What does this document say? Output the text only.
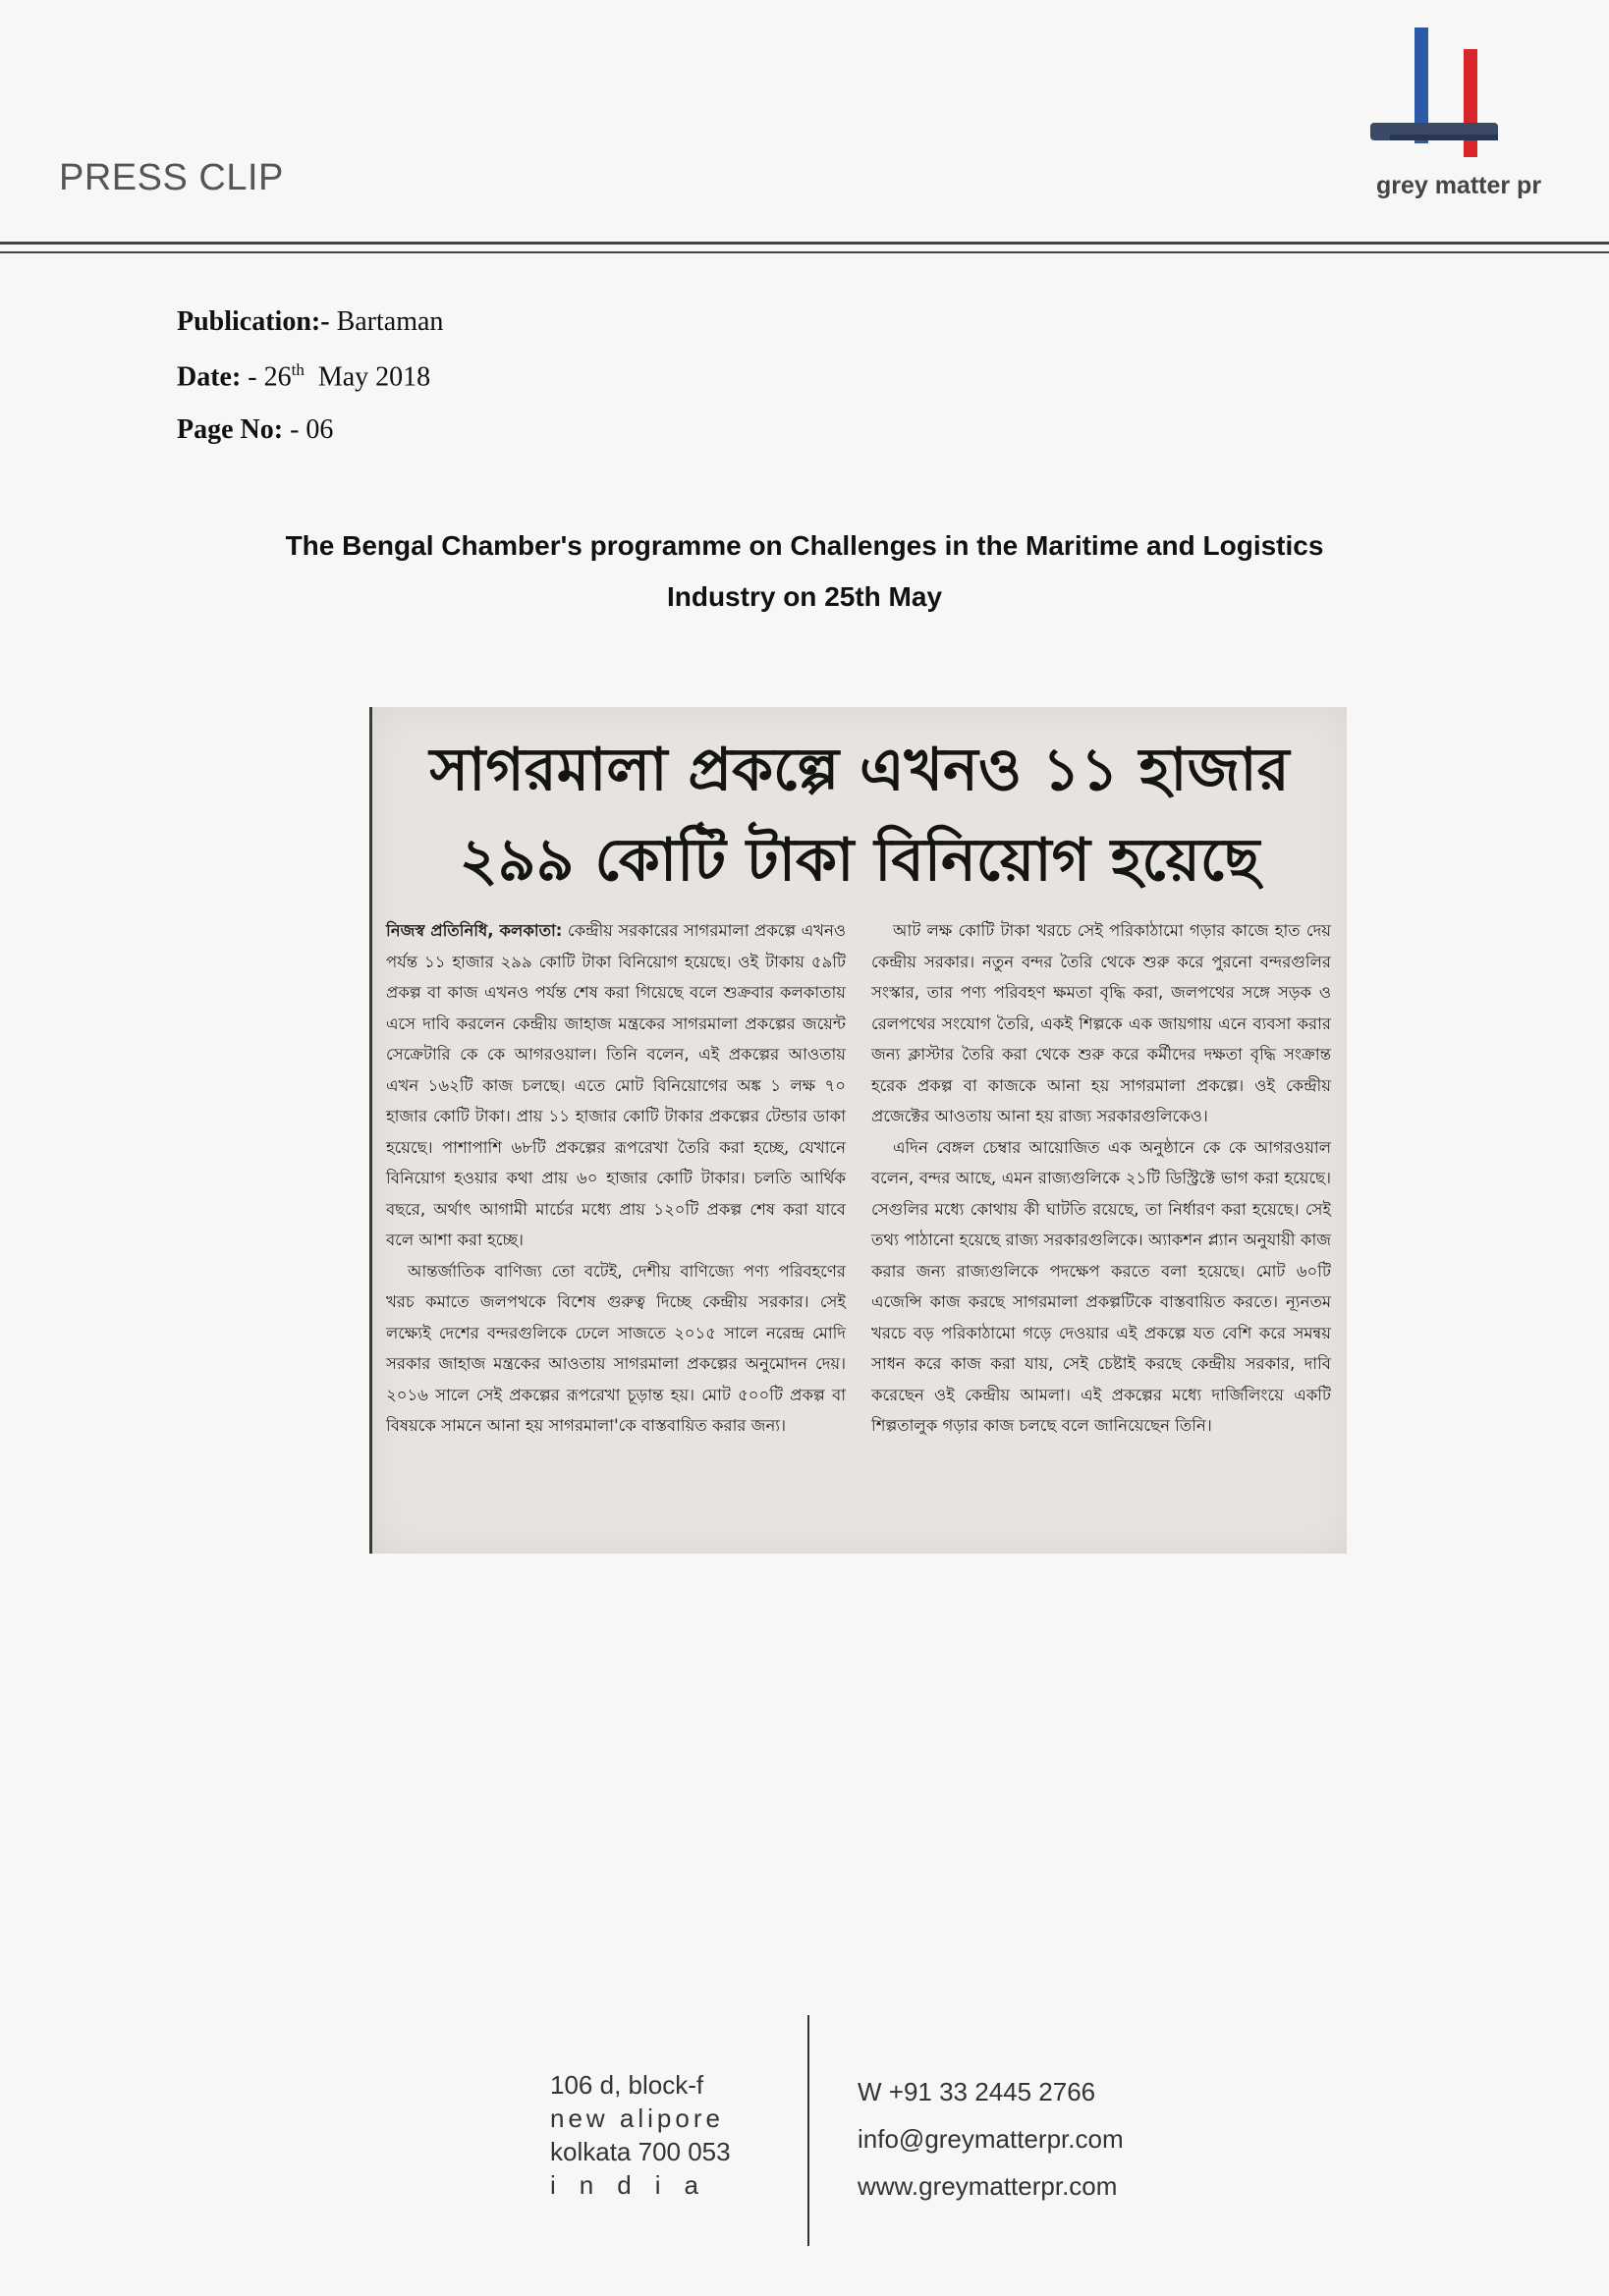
PRESS CLIP	grey matter pr
Publication:- Bartaman
Date: - 26th May 2018
Page No: - 06
The Bengal Chamber's programme on Challenges in the Maritime and Logistics
Industry on 25th May
সাগরমালা প্রকল্পে এখনও ১১ হাজার
২৯৯ কোটি টাকা বিনিয়োগ হয়েছে

নিজস্ব প্রতিনিধি, কলকাতা: কেন্দ্রীয় সরকারের সাগরমালা প্রকল্পে এখনও পর্যন্ত ১১ হাজার ২৯৯ কোটি টাকা বিনিয়োগ হয়েছে। ওই টাকায় ৫৯টি প্রকল্প বা কাজ এখনও পর্যন্ত শেষ করা গিয়েছে বলে শুক্রবার কলকাতায় এসে দাবি করলেন কেন্দ্রীয় জাহাজ মন্ত্রকের সাগরমালা প্রকল্পের জয়েন্ট সেক্রেটারি কে কে আগরওয়াল। তিনি বলেন, এই প্রকল্পের আওতায় এখন ১৬২টি কাজ চলছে। এতে মোট বিনিয়োগের অঙ্ক ১ লক্ষ ৭০ হাজার কোটি টাকা। প্রায় ১১ হাজার কোটি টাকার প্রকল্পের টেন্ডার ডাকা হয়েছে। পাশাপাশি ৬৮টি প্রকল্পের রূপরেখা তৈরি করা হচ্ছে, যেখানে বিনিয়োগ হওয়ার কথা প্রায় ৬০ হাজার কোটি টাকার। চলতি আর্থিক বছরে, অর্থাৎ আগামী মার্চের মধ্যে প্রায় ১২০টি প্রকল্প শেষ করা যাবে বলে আশা করা হচ্ছে।

আন্তর্জাতিক বাণিজ্য তো বটেই, দেশীয় বাণিজ্যে পণ্য পরিবহণের খরচ কমাতে জলপথকে বিশেষ গুরুত্ব দিচ্ছে কেন্দ্রীয় সরকার। সেই লক্ষ্যেই দেশের বন্দরগুলিকে ঢেলে সাজতে ২০১৫ সালে নরেন্দ্র মোদি সরকার জাহাজ মন্ত্রকের আওতায় সাগরমালা প্রকল্পের অনুমোদন দেয়। ২০১৬ সালে সেই প্রকল্পের রূপরেখা চূড়ান্ত হয়। মোট ৫০০টি প্রকল্প বা বিষয়কে সামনে আনা হয় সাগরমালা'কে বাস্তবায়িত করার জন্য।

আট লক্ষ কোটি টাকা খরচে সেই পরিকাঠামো গড়ার কাজে হাত দেয় কেন্দ্রীয় সরকার। নতুন বন্দর তৈরি থেকে শুরু করে পুরনো বন্দরগুলির সংস্কার, তার পণ্য পরিবহণ ক্ষমতা বৃদ্ধি করা, জলপথের সঙ্গে সড়ক ও রেলপথের সংযোগ তৈরি, একই শিল্পকে এক জায়গায় এনে ব্যবসা করার জন্য ক্লাস্টার তৈরি করা থেকে শুরু করে কর্মীদের দক্ষতা বৃদ্ধি সংক্রান্ত হরেক প্রকল্প বা কাজকে আনা হয় সাগরমালা প্রকল্পে। ওই কেন্দ্রীয় প্রজেক্টের আওতায় আনা হয় রাজ্য সরকারগুলিকেও।

এদিন বেঙ্গল চেম্বার আয়োজিত এক অনুষ্ঠানে কে কে আগরওয়াল বলেন, বন্দর আছে, এমন রাজ্যগুলিকে ২১টি ডিস্ট্রিক্টে ভাগ করা হয়েছে। সেগুলির মধ্যে কোথায় কী ঘাটতি রয়েছে, তা নির্ধারণ করা হয়েছে। সেই তথ্য পাঠানো হয়েছে রাজ্য সরকারগুলিকে। অ্যাকশন প্ল্যান অনুযায়ী কাজ করার জন্য রাজ্যগুলিকে পদক্ষেপ করতে বলা হয়েছে। মোট ৬০টি এজেন্সি কাজ করছে সাগরমালা প্রকল্পটিকে বাস্তবায়িত করতে। ন্যূনতম খরচে বড় পরিকাঠামো গড়ে দেওয়ার এই প্রকল্পে যত বেশি করে সমন্বয় সাধন করে কাজ করা যায়, সেই চেষ্টাই করছে কেন্দ্রীয় সরকার, দাবি করেছেন ওই কেন্দ্রীয় আমলা। এই প্রকল্পের মধ্যে দার্জিলিংয়ে একটি শিল্পতালুক গড়ার কাজ চলছে বলে জানিয়েছেন তিনি।

106 d, block-f
new alipore
kolkata 700 053
india
W +91 33 2445 2766
info@greymatterpr.com
www.greymatterpr.com
